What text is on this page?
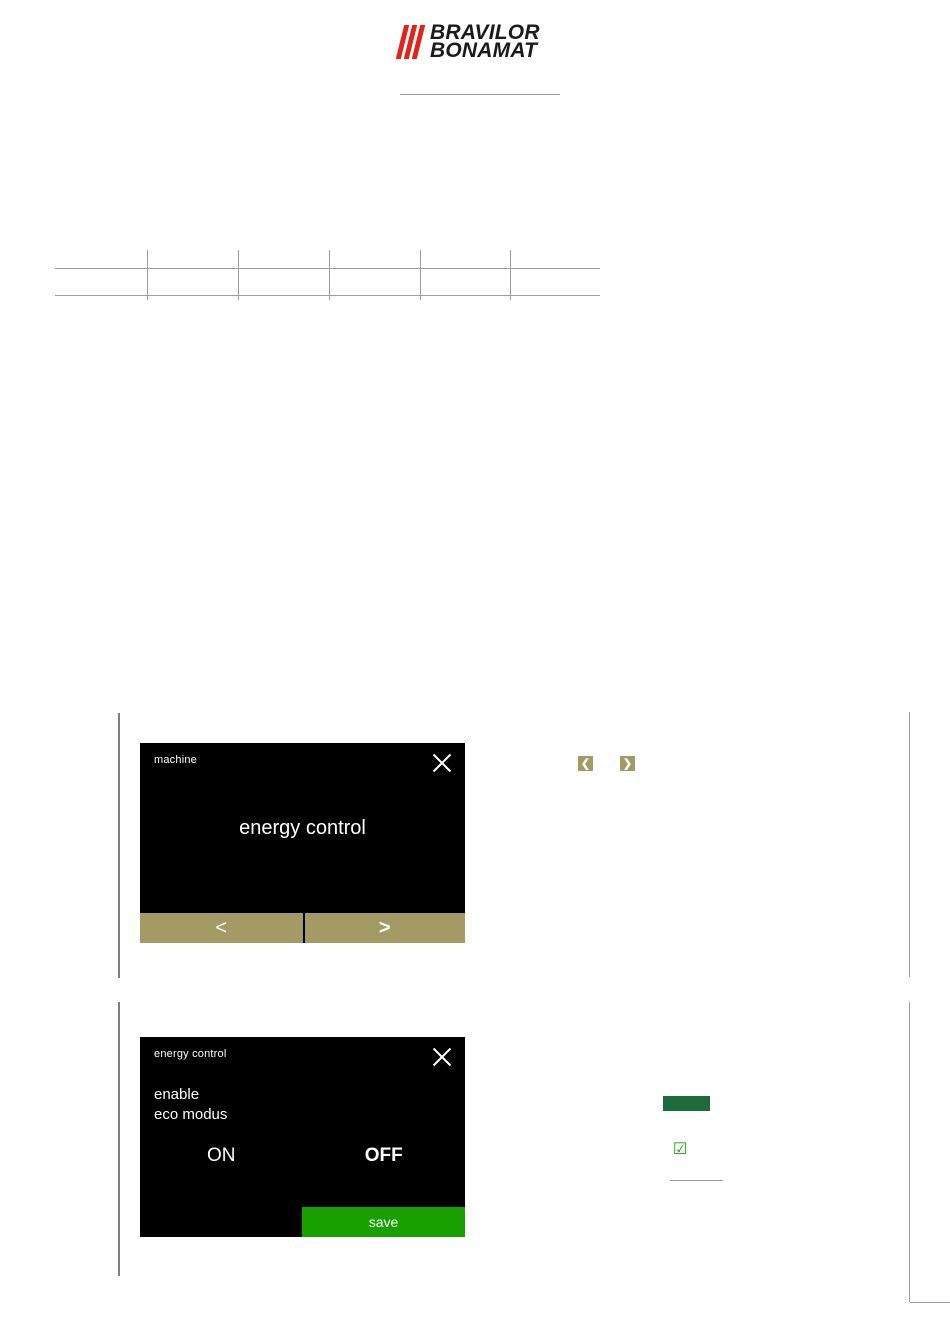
BRAVILOR
BONAMAT
machine
energy control
<	>
❮	❯
energy control
enable
eco modus
ON	OFF
save
☑
